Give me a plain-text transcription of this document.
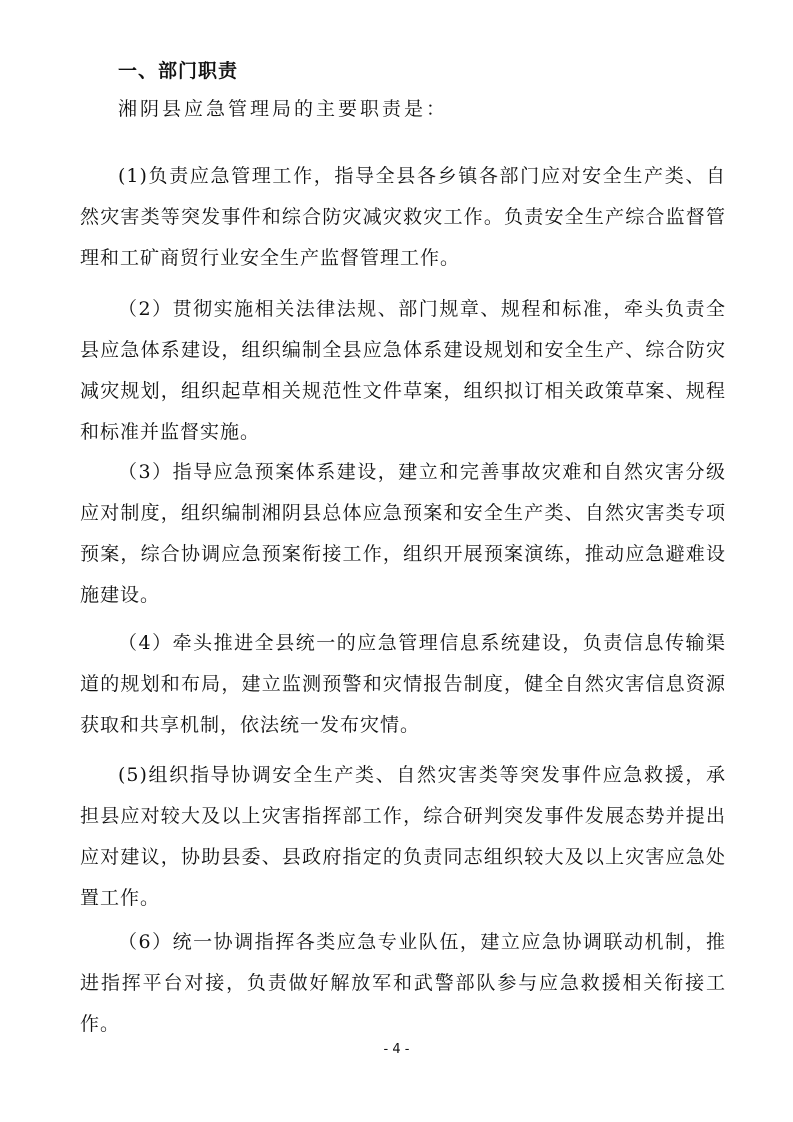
一、部门职责
湘阴县应急管理局的主要职责是：

(1)负责应急管理工作，指导全县各乡镇各部门应对安全生产类、自然灾害类等突发事件和综合防灾减灾救灾工作。负责安全生产综合监督管理和工矿商贸行业安全生产监督管理工作。

（2）贯彻实施相关法律法规、部门规章、规程和标准，牵头负责全县应急体系建设，组织编制全县应急体系建设规划和安全生产、综合防灾减灾规划，组织起草相关规范性文件草案，组织拟订相关政策草案、规程和标准并监督实施。

（3）指导应急预案体系建设，建立和完善事故灾难和自然灾害分级应对制度，组织编制湘阴县总体应急预案和安全生产类、自然灾害类专项预案，综合协调应急预案衔接工作，组织开展预案演练，推动应急避难设施建设。

（4）牵头推进全县统一的应急管理信息系统建设，负责信息传输渠道的规划和布局，建立监测预警和灾情报告制度，健全自然灾害信息资源获取和共享机制，依法统一发布灾情。

(5)组织指导协调安全生产类、自然灾害类等突发事件应急救援，承担县应对较大及以上灾害指挥部工作，综合研判突发事件发展态势并提出应对建议，协助县委、县政府指定的负责同志组织较大及以上灾害应急处置工作。

（6）统一协调指挥各类应急专业队伍，建立应急协调联动机制，推进指挥平台对接，负责做好解放军和武警部队参与应急救援相关衔接工作。

- 4 -
